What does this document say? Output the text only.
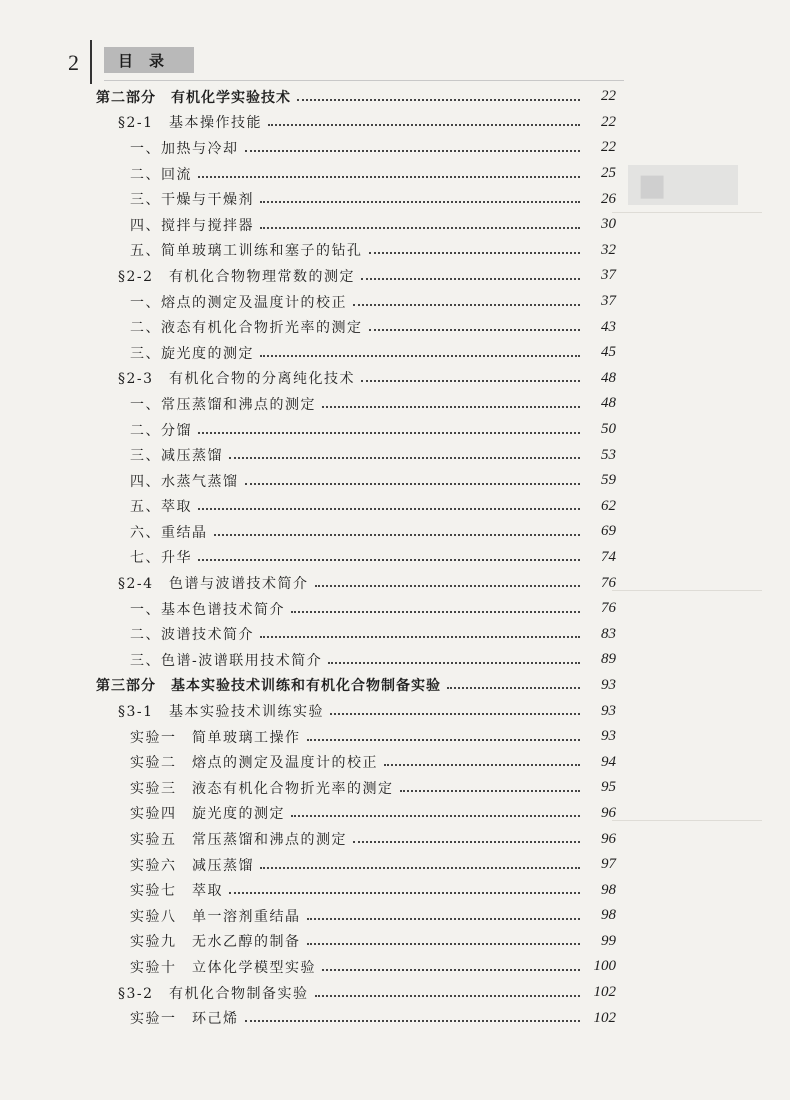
2	目录
■
第二部分　有机化学实验技术	22
§2-1　基本操作技能	22
一、加热与冷却	22
二、回流	25
三、干燥与干燥剂	26
四、搅拌与搅拌器	30
五、简单玻璃工训练和塞子的钻孔	32
§2-2　有机化合物物理常数的测定	37
一、熔点的测定及温度计的校正	37
二、液态有机化合物折光率的测定	43
三、旋光度的测定	45
§2-3　有机化合物的分离纯化技术	48
一、常压蒸馏和沸点的测定	48
二、分馏	50
三、减压蒸馏	53
四、水蒸气蒸馏	59
五、萃取	62
六、重结晶	69
七、升华	74
§2-4　色谱与波谱技术简介	76
一、基本色谱技术简介	76
二、波谱技术简介	83
三、色谱-波谱联用技术简介	89
第三部分　基本实验技术训练和有机化合物制备实验	93
§3-1　基本实验技术训练实验	93
实验一　简单玻璃工操作	93
实验二　熔点的测定及温度计的校正	94
实验三　液态有机化合物折光率的测定	95
实验四　旋光度的测定	96
实验五　常压蒸馏和沸点的测定	96
实验六　减压蒸馏	97
实验七　萃取	98
实验八　单一溶剂重结晶	98
实验九　无水乙醇的制备	99
实验十　立体化学模型实验	100
§3-2　有机化合物制备实验	102
实验一　环己烯	102
